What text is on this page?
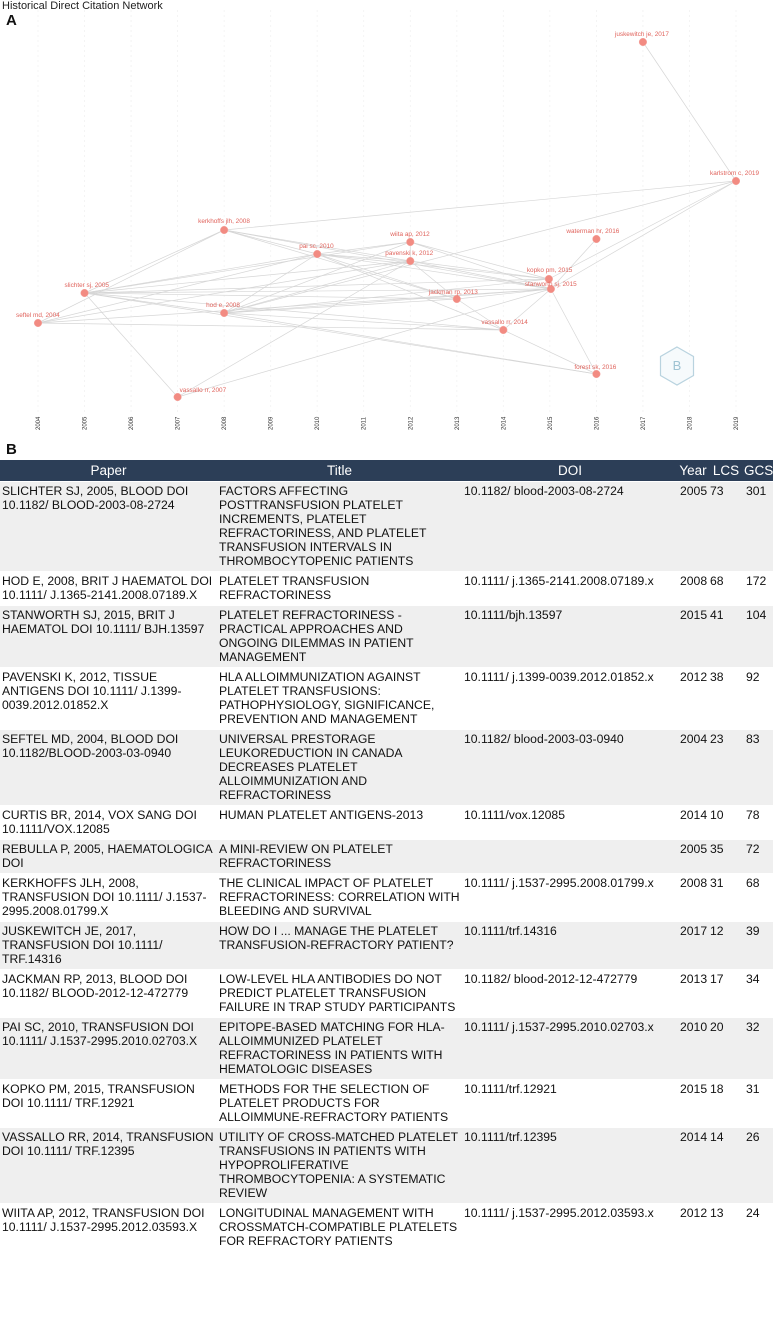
Historical Direct Citation Network
A
seftel md, 2004
slichter sj, 2005
vassallo rr, 2007
kerkhoffs jlh, 2008
hod e, 2008
pai sc, 2010
wiita ap, 2012
pavenski k, 2012
jackman rp, 2013
vassallo rr, 2014
kopko pm, 2015
stanworth sj, 2015
waterman hr, 2016
forest sk, 2016
juskewitch je, 2017
karlstrom c, 2019
2004	2005	2006	2007	2008	2009	2010	2011	2012	2013	2014	2015	2016	2017	2018	2019
B
B
Paper	Title	DOI	Year	LCS	GCS
SLICHTER SJ, 2005, BLOOD DOI 10.1182/ BLOOD-2003-08-2724	FACTORS AFFECTING POSTTRANSFUSION PLATELET INCREMENTS, PLATELET REFRACTORINESS, AND PLATELET TRANSFUSION INTERVALS IN THROMBOCYTOPENIC PATIENTS	10.1182/ blood-2003-08-2724	2005	73	301
HOD E, 2008, BRIT J HAEMATOL DOI 10.1111/ J.1365-2141.2008.07189.X	PLATELET TRANSFUSION REFRACTORINESS	10.1111/ j.1365-2141.2008.07189.x	2008	68	172
STANWORTH SJ, 2015, BRIT J HAEMATOL DOI 10.1111/ BJH.13597	PLATELET REFRACTORINESS - PRACTICAL APPROACHES AND ONGOING DILEMMAS IN PATIENT MANAGEMENT	10.1111/bjh.13597	2015	41	104
PAVENSKI K, 2012, TISSUE ANTIGENS DOI 10.1111/ J.1399-0039.2012.01852.X	HLA ALLOIMMUNIZATION AGAINST PLATELET TRANSFUSIONS: PATHOPHYSIOLOGY, SIGNIFICANCE, PREVENTION AND MANAGEMENT	10.1111/ j.1399-0039.2012.01852.x	2012	38	92
SEFTEL MD, 2004, BLOOD DOI 10.1182/BLOOD-2003-03-0940	UNIVERSAL PRESTORAGE LEUKOREDUCTION IN CANADA DECREASES PLATELET ALLOIMMUNIZATION AND REFRACTORINESS	10.1182/ blood-2003-03-0940	2004	23	83
CURTIS BR, 2014, VOX SANG DOI 10.1111/VOX.12085	HUMAN PLATELET ANTIGENS-2013	10.1111/vox.12085	2014	10	78
REBULLA P, 2005, HAEMATOLOGICA DOI	A MINI-REVIEW ON PLATELET REFRACTORINESS		2005	35	72
KERKHOFFS JLH, 2008, TRANSFUSION DOI 10.1111/ J.1537-2995.2008.01799.X	THE CLINICAL IMPACT OF PLATELET REFRACTORINESS: CORRELATION WITH BLEEDING AND SURVIVAL	10.1111/ j.1537-2995.2008.01799.x	2008	31	68
JUSKEWITCH JE, 2017, TRANSFUSION DOI 10.1111/ TRF.14316	HOW DO I ... MANAGE THE PLATELET TRANSFUSION-REFRACTORY PATIENT?	10.1111/trf.14316	2017	12	39
JACKMAN RP, 2013, BLOOD DOI 10.1182/ BLOOD-2012-12-472779	LOW-LEVEL HLA ANTIBODIES DO NOT PREDICT PLATELET TRANSFUSION FAILURE IN TRAP STUDY PARTICIPANTS	10.1182/ blood-2012-12-472779	2013	17	34
PAI SC, 2010, TRANSFUSION DOI 10.1111/ J.1537-2995.2010.02703.X	EPITOPE-BASED MATCHING FOR HLA-ALLOIMMUNIZED PLATELET REFRACTORINESS IN PATIENTS WITH HEMATOLOGIC DISEASES	10.1111/ j.1537-2995.2010.02703.x	2010	20	32
KOPKO PM, 2015, TRANSFUSION DOI 10.1111/ TRF.12921	METHODS FOR THE SELECTION OF PLATELET PRODUCTS FOR ALLOIMMUNE-REFRACTORY PATIENTS	10.1111/trf.12921	2015	18	31
VASSALLO RR, 2014, TRANSFUSION DOI 10.1111/ TRF.12395	UTILITY OF CROSS-MATCHED PLATELET TRANSFUSIONS IN PATIENTS WITH HYPOPROLIFERATIVE THROMBOCYTOPENIA: A SYSTEMATIC REVIEW	10.1111/trf.12395	2014	14	26
WIITA AP, 2012, TRANSFUSION DOI 10.1111/ J.1537-2995.2012.03593.X	LONGITUDINAL MANAGEMENT WITH CROSSMATCH-COMPATIBLE PLATELETS FOR REFRACTORY PATIENTS	10.1111/ j.1537-2995.2012.03593.x	2012	13	24
